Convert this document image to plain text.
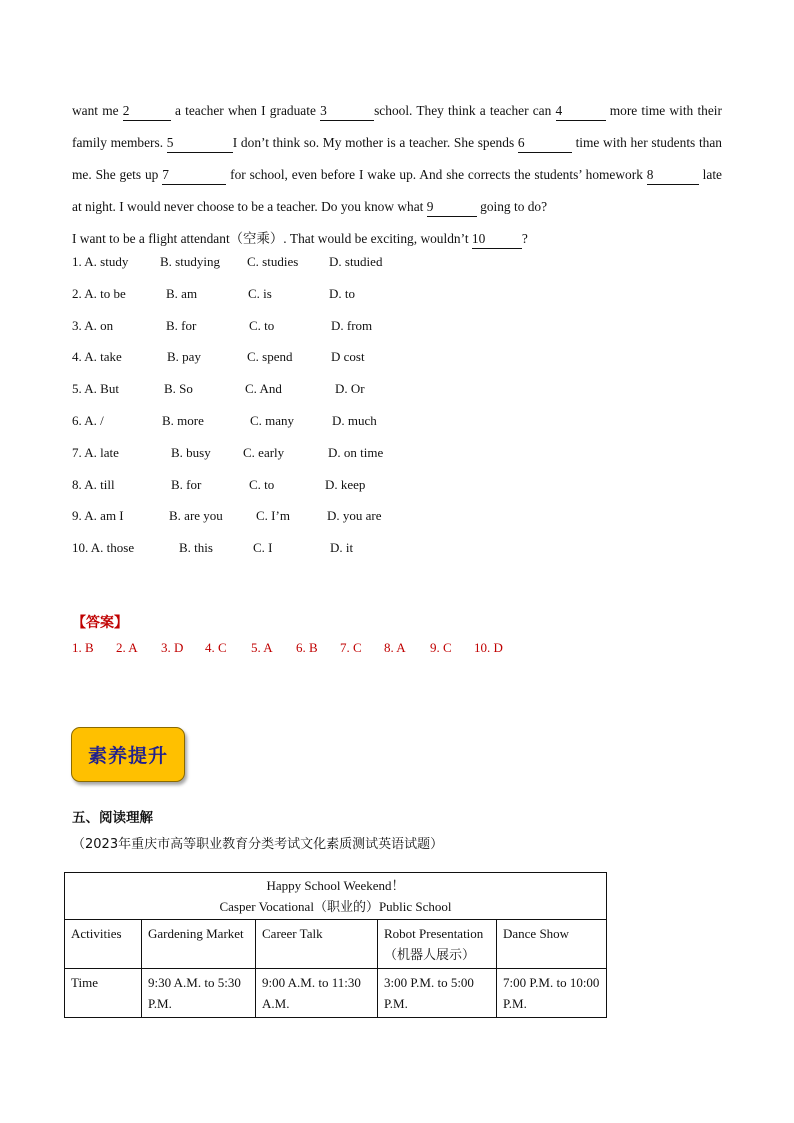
want me 2	a teacher when I graduate 3	school. They think a teacher can 4	more time with their family members. 5	I don’t think so. My mother is a teacher. She spends 6	time with her students than me. She gets up 7	for school, even before I wake up. And she corrects the students’ homework 8	late at night. I would never choose to be a teacher. Do you know what 9	going to do?
I want to be a flight attendant（空乘）. That would be exciting, wouldn’t 10	?
1. A. study B. studying C. studies D. studied
2. A. to be	B. am	C. is	D. to
3. A. on	B. for	C. to	D. from
4. A. take	B. pay	C. spend	D cost
5. A. But	B. So	C. And	D. Or
6. A. /	B. more	C. many	D. much
7. A. late	B. busy C. early	D. on time
8. A. till	B. for	C. to	D. keep
9. A. am I	B. are you	C. I’m	D. you are
10. A. those	B. this	C. I	D. it
【答案】
1. B 2. A 3. D 4. C 5. A 6. B 7. C 8. A 9. C 10. D
素养提升
五、阅读理解
（2023年重庆市高等职业教育分类考试文化素质测试英语试题）
Happy School Weekend！
Casper Vocational（职业的）Public School				

Activities	Gardening Market	Career Talk	Robot Presentation（机器人展示）	Dance Show
Time	9:30 A.M. to 5:30 P.M.	9:00 A.M. to 11:30 A.M.	3:00 P.M. to 5:00 P.M.	7:00 P.M. to 10:00 P.M.
